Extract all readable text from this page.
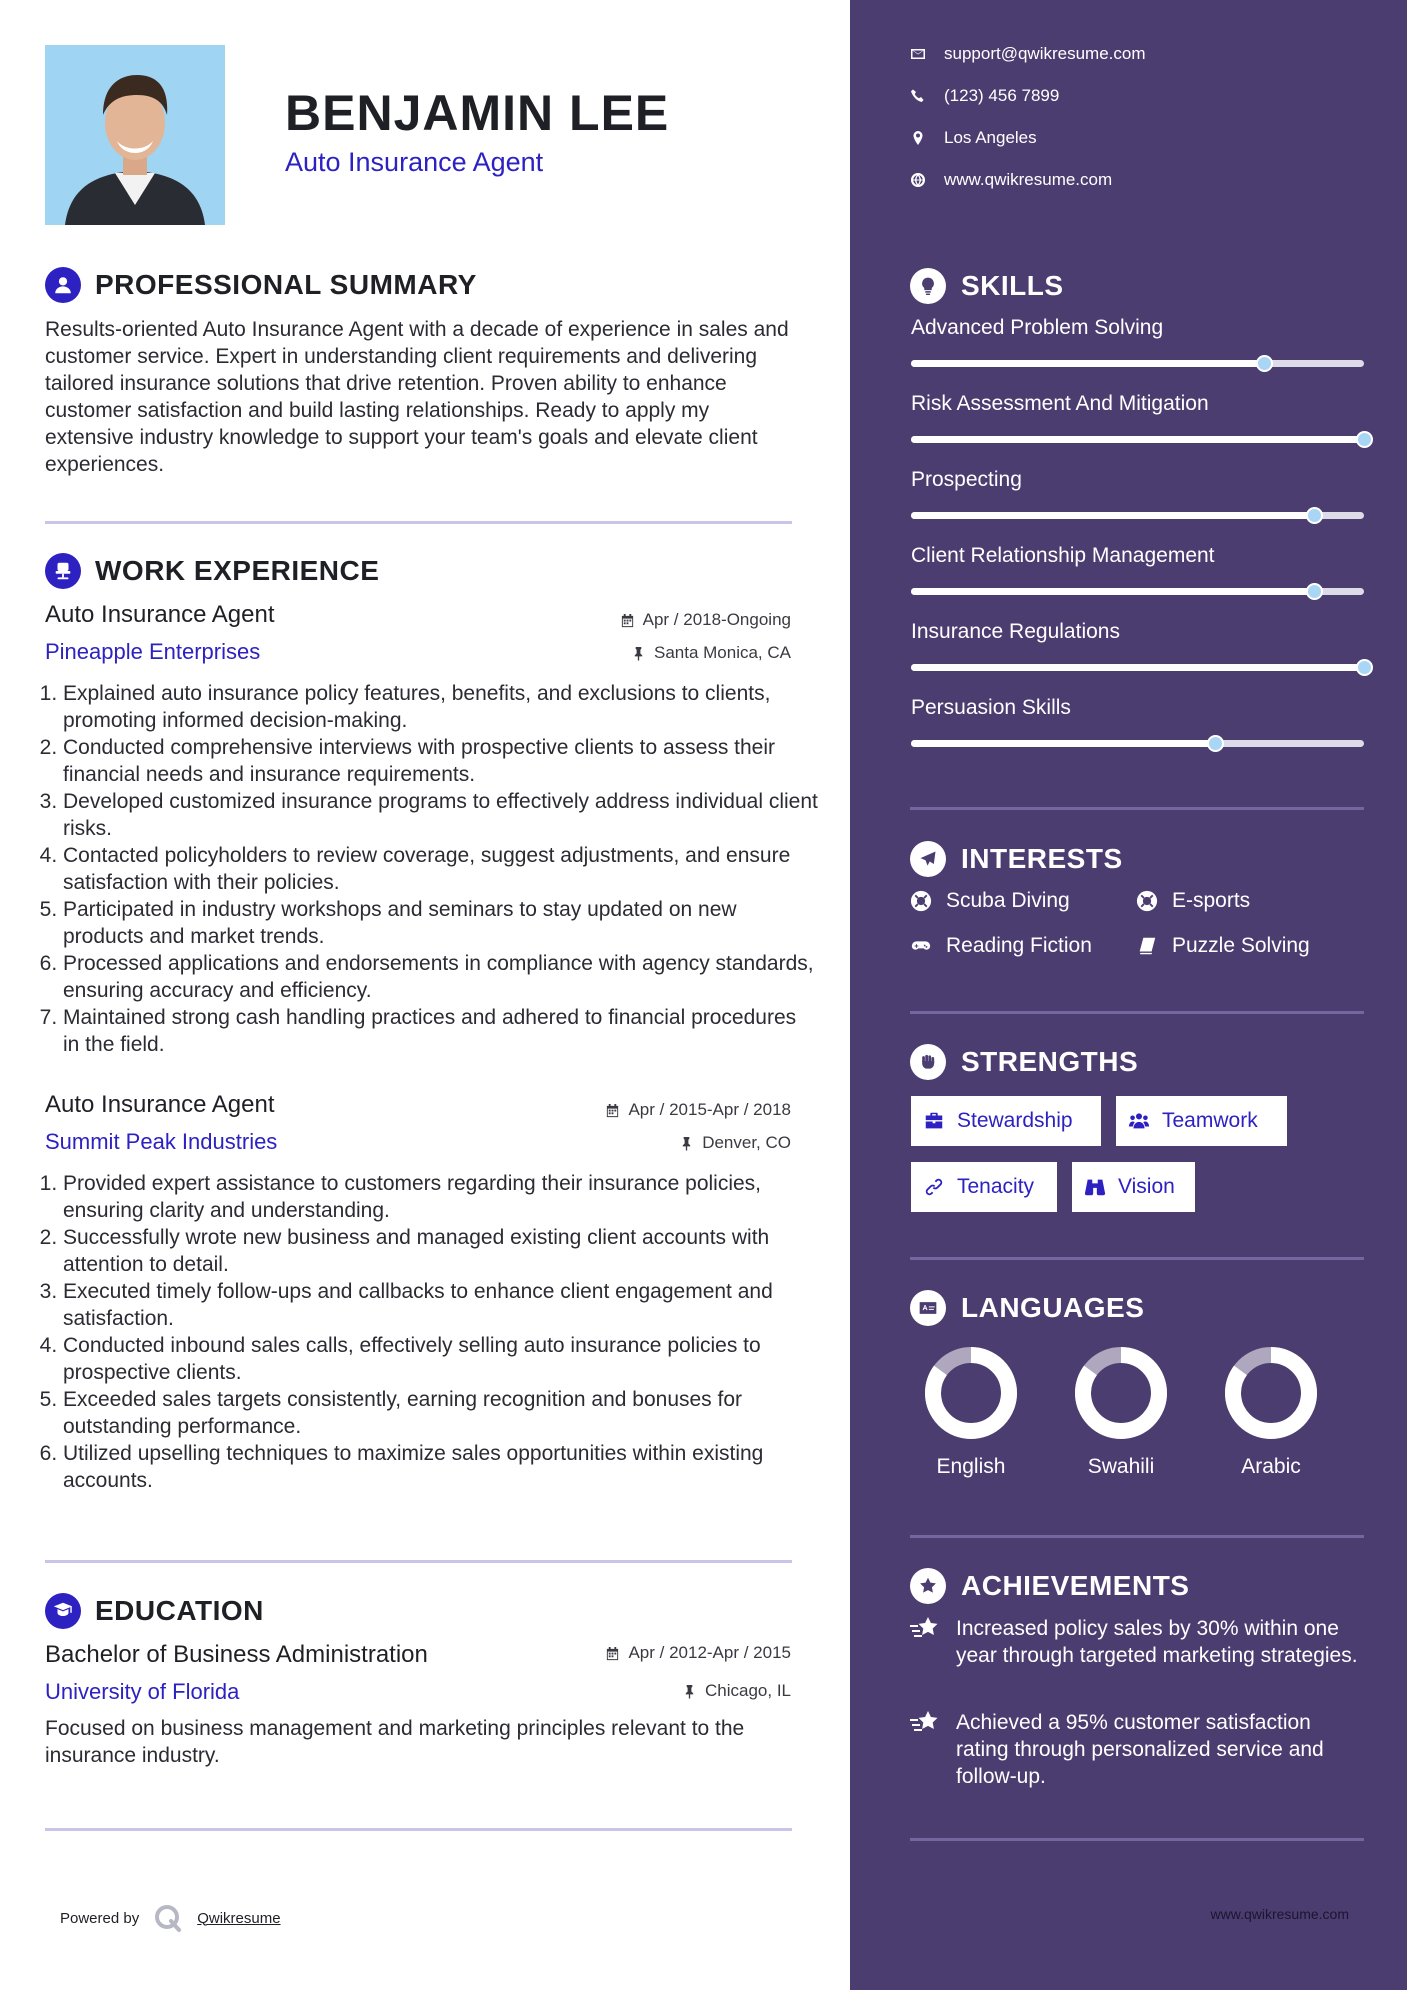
BENJAMIN LEE
Auto Insurance Agent
PROFESSIONAL SUMMARY

Results-oriented Auto Insurance Agent with a decade of experience in sales and customer service. Expert in understanding client requirements and delivering tailored insurance solutions that drive retention. Proven ability to enhance customer satisfaction and build lasting relationships. Ready to apply my extensive industry knowledge to support your team's goals and elevate client experiences.

WORK EXPERIENCE
Auto Insurance Agent
Pineapple Enterprises
Apr / 2018-Ongoing
Santa Monica, CA
1. Explained auto insurance policy features, benefits, and exclusions to clients, promoting informed decision-making.
2. Conducted comprehensive interviews with prospective clients to assess their financial needs and insurance requirements.
3. Developed customized insurance programs to effectively address individual client risks.
4. Contacted policyholders to review coverage, suggest adjustments, and ensure satisfaction with their policies.
5. Participated in industry workshops and seminars to stay updated on new products and market trends.
6. Processed applications and endorsements in compliance with agency standards, ensuring accuracy and efficiency.
7. Maintained strong cash handling practices and adhered to financial procedures in the field.
Auto Insurance Agent
Summit Peak Industries
Apr / 2015-Apr / 2018
Denver, CO
1. Provided expert assistance to customers regarding their insurance policies, ensuring clarity and understanding.
2. Successfully wrote new business and managed existing client accounts with attention to detail.
3. Executed timely follow-ups and callbacks to enhance client engagement and satisfaction.
4. Conducted inbound sales calls, effectively selling auto insurance policies to prospective clients.
5. Exceeded sales targets consistently, earning recognition and bonuses for outstanding performance.
6. Utilized upselling techniques to maximize sales opportunities within existing accounts.
EDUCATION
Bachelor of Business Administration
University of Florida
Apr / 2012-Apr / 2015
Chicago, IL

Focused on business management and marketing principles relevant to the insurance industry.

Powered by	Qwikresume
support@qwikresume.com
(123) 456 7899
Los Angeles
www.qwikresume.com
SKILLS
Advanced Problem Solving
Risk Assessment And Mitigation
Prospecting
Client Relationship Management
Insurance Regulations
Persuasion Skills
INTERESTS
Scuba Diving	E-sports
Reading Fiction	Puzzle Solving
STRENGTHS
Stewardship	Teamwork
Tenacity	Vision
LANGUAGES
English	Swahili	Arabic
ACHIEVEMENTS
Increased policy sales by 30% within one year through targeted marketing strategies.
Achieved a 95% customer satisfaction rating through personalized service and follow-up.
www.qwikresume.com
